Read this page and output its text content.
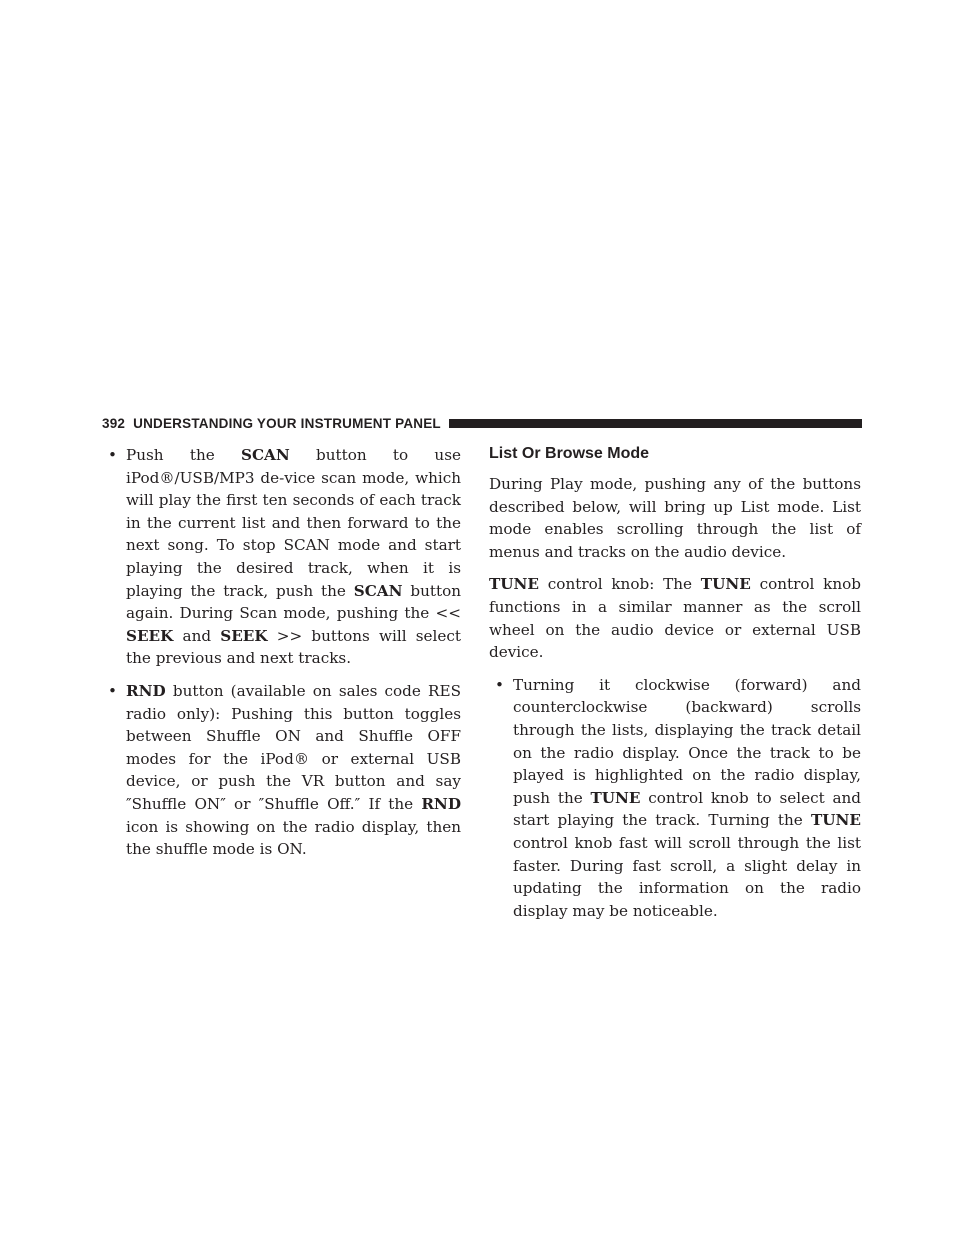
392 UNDERSTANDING YOUR INSTRUMENT PANEL

• Push the SCAN button to use iPod®/USB/MP3 de-vice scan mode, which will play the first ten seconds of each track in the current list and then forward to the next song. To stop SCAN mode and start playing the desired track, when it is playing the track, push the SCAN button again. During Scan mode, pushing the << SEEK and SEEK >> buttons will select the previous and next tracks.

• RND button (available on sales code RES radio only): Pushing this button toggles between Shuffle ON and Shuffle OFF modes for the iPod® or external USB device, or push the VR button and say ″Shuffle ON″ or ″Shuffle Off.″ If the RND icon is showing on the radio display, then the shuffle mode is ON.

List Or Browse Mode

During Play mode, pushing any of the buttons described below, will bring up List mode. List mode enables scrolling through the list of menus and tracks on the audio device.

TUNE control knob: The TUNE control knob functions in a similar manner as the scroll wheel on the audio device or external USB device.

• Turning it clockwise (forward) and counterclockwise (backward) scrolls through the lists, displaying the track detail on the radio display. Once the track to be played is highlighted on the radio display, push the TUNE control knob to select and start playing the track. Turning the TUNE control knob fast will scroll through the list faster. During fast scroll, a slight delay in updating the information on the radio display may be noticeable.
